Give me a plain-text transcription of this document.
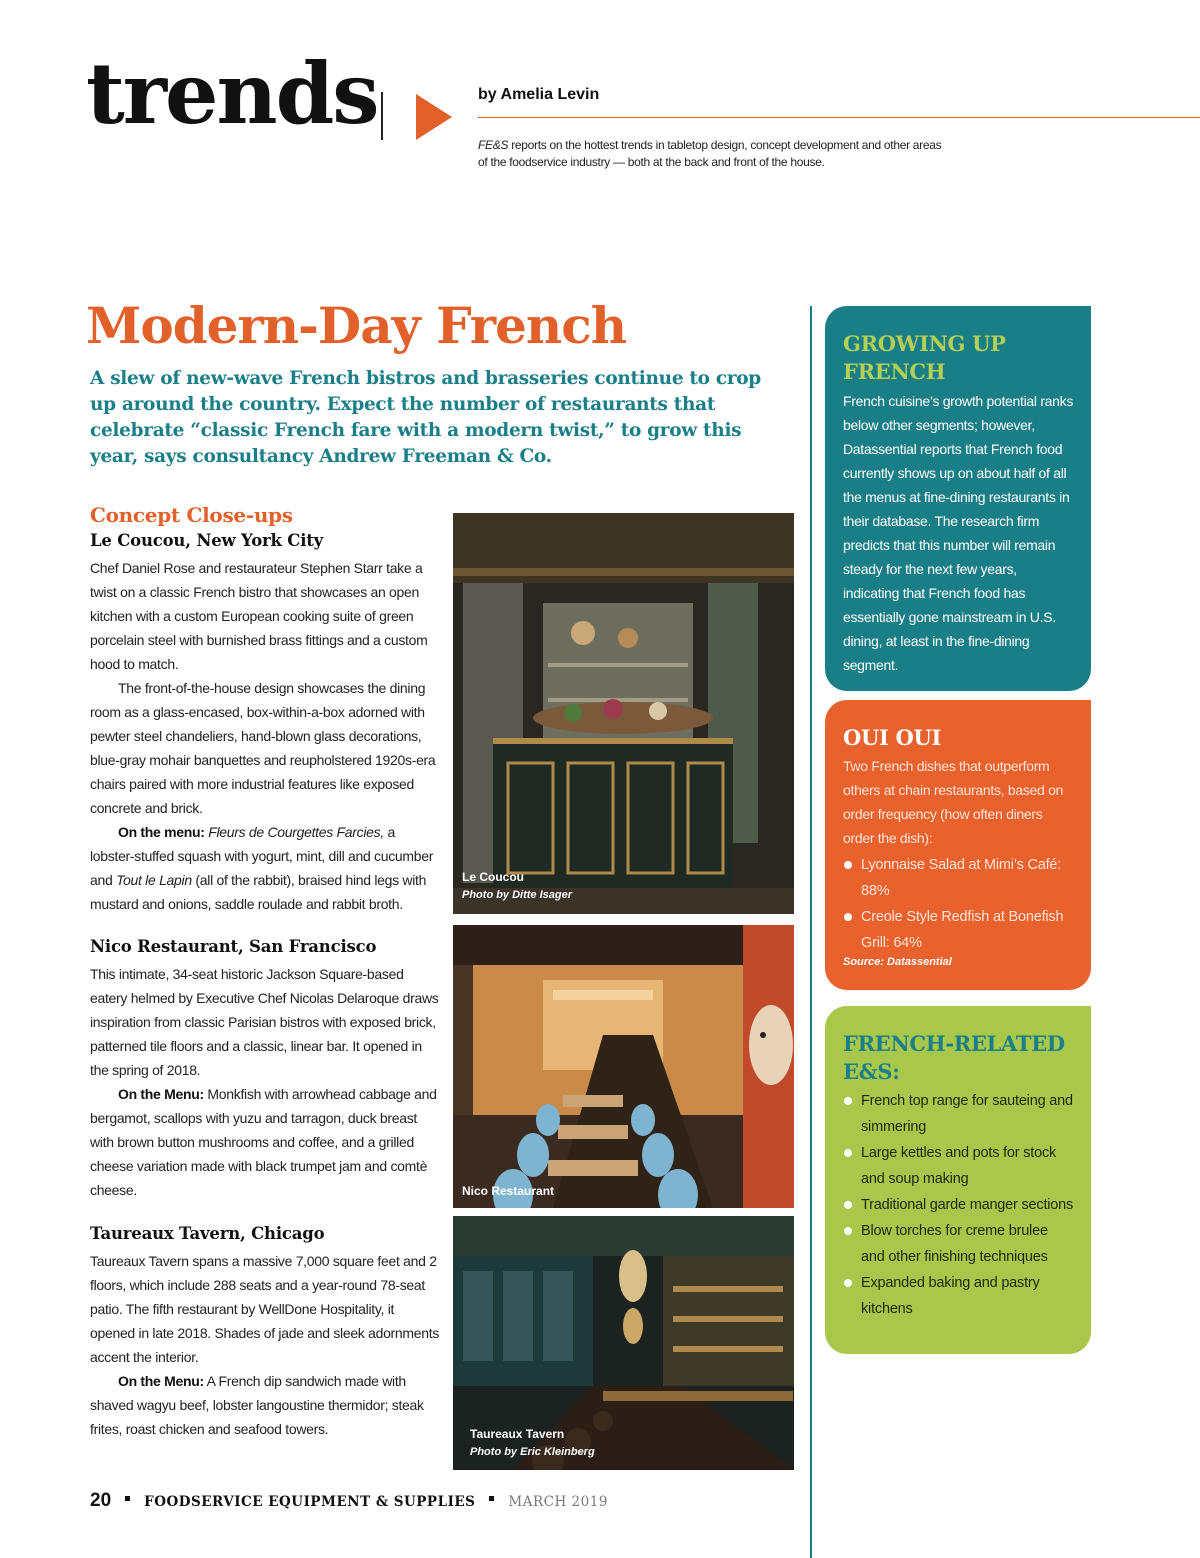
trends	by Amelia Levin
FE&S reports on the hottest trends in tabletop design, concept development and other areas of the foodservice industry — both at the back and front of the house.
Modern-Day French
A slew of new-wave French bistros and brasseries continue to crop up around the country. Expect the number of restaurants that celebrate “classic French fare with a modern twist,” to grow this year, says consultancy Andrew Freeman & Co.
Concept Close-ups
Le Coucou, New York City

Chef Daniel Rose and restaurateur Stephen Starr take a twist on a classic French bistro that showcases an open kitchen with a custom European cooking suite of green porcelain steel with burnished brass fittings and a custom hood to match.

The front-of-the-house design showcases the dining room as a glass-encased, box-within-a-box adorned with pewter steel chandeliers, hand-blown glass decorations, blue-gray mohair banquettes and reupholstered 1920s-era chairs paired with more industrial features like exposed concrete and brick.

On the menu: Fleurs de Courgettes Farcies, a lobster-stuffed squash with yogurt, mint, dill and cucumber and Tout le Lapin (all of the rabbit), braised hind legs with mustard and onions, saddle roulade and rabbit broth.

Nico Restaurant, San Francisco

This intimate, 34-seat historic Jackson Square-based eatery helmed by Executive Chef Nicolas Delaroque draws inspiration from classic Parisian bistros with exposed brick, patterned tile floors and a classic, linear bar. It opened in the spring of 2018.

On the Menu: Monkfish with arrowhead cabbage and bergamot, scallops with yuzu and tarragon, duck breast with brown button mushrooms and coffee, and a grilled cheese variation made with black trumpet jam and comtè cheese.

Taureaux Tavern, Chicago

Taureaux Tavern spans a massive 7,000 square feet and 2 floors, which include 288 seats and a year-round 78-seat patio. The fifth restaurant by WellDone Hospitality, it opened in late 2018. Shades of jade and sleek adornments accent the interior.

On the Menu: A French dip sandwich made with shaved wagyu beef, lobster langoustine thermidor; steak frites, roast chicken and seafood towers.

Le Coucou
Photo by Ditte Isager
Nico Restaurant
Taureaux Tavern
Photo by Eric Kleinberg
GROWING UP FRENCH
French cuisine’s growth potential ranks below other segments; however, Datassential reports that French food currently shows up on about half of all the menus at fine-dining restaurants in their database. The research firm predicts that this number will remain steady for the next few years, indicating that French food has essentially gone mainstream in U.S. dining, at least in the fine-dining segment.
OUI OUI
Two French dishes that outperform others at chain restaurants, based on order frequency (how often diners order the dish):
Lyonnaise Salad at Mimi’s Café: 88%
Creole Style Redfish at Bonefish Grill: 64%
Source: Datassential
FRENCH-RELATED E&S:
French top range for sauteing and simmering
Large kettles and pots for stock and soup making
Traditional garde manger sections
Blow torches for creme brulee and other finishing techniques
Expanded baking and pastry kitchens
20 FOODSERVICE EQUIPMENT & SUPPLIES MARCH 2019
